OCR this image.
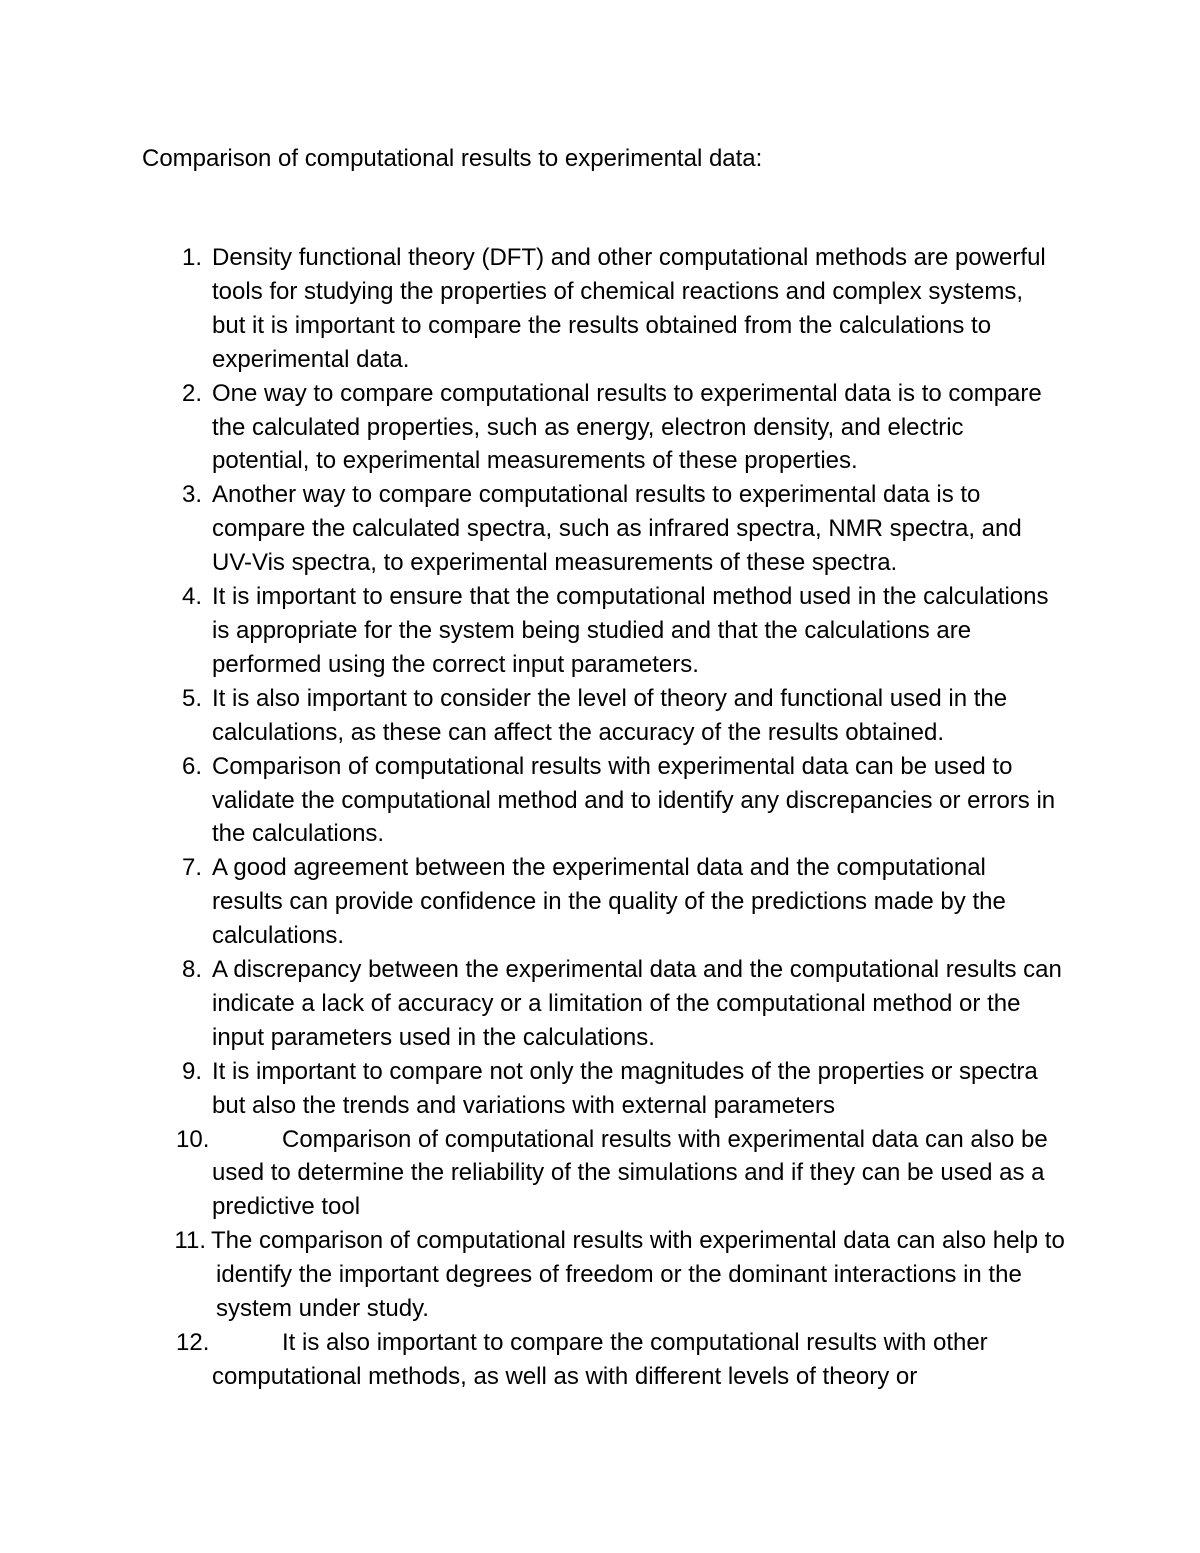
Comparison of computational results to experimental data:
1. Density functional theory (DFT) and other computational methods are powerful tools for studying the properties of chemical reactions and complex systems, but it is important to compare the results obtained from the calculations to experimental data.
2. One way to compare computational results to experimental data is to compare the calculated properties, such as energy, electron density, and electric potential, to experimental measurements of these properties.
3. Another way to compare computational results to experimental data is to compare the calculated spectra, such as infrared spectra, NMR spectra, and UV-Vis spectra, to experimental measurements of these spectra.
4. It is important to ensure that the computational method used in the calculations is appropriate for the system being studied and that the calculations are performed using the correct input parameters.
5. It is also important to consider the level of theory and functional used in the calculations, as these can affect the accuracy of the results obtained.
6. Comparison of computational results with experimental data can be used to validate the computational method and to identify any discrepancies or errors in the calculations.
7. A good agreement between the experimental data and the computational results can provide confidence in the quality of the predictions made by the calculations.
8. A discrepancy between the experimental data and the computational results can indicate a lack of accuracy or a limitation of the computational method or the input parameters used in the calculations.
9. It is important to compare not only the magnitudes of the properties or spectra but also the trends and variations with external parameters
10.	Comparison of computational results with experimental data can also be used to determine the reliability of the simulations and if they can be used as a predictive tool
11. The comparison of computational results with experimental data can also help to identify the important degrees of freedom or the dominant interactions in the system under study.
12.	It is also important to compare the computational results with other computational methods, as well as with different levels of theory or
